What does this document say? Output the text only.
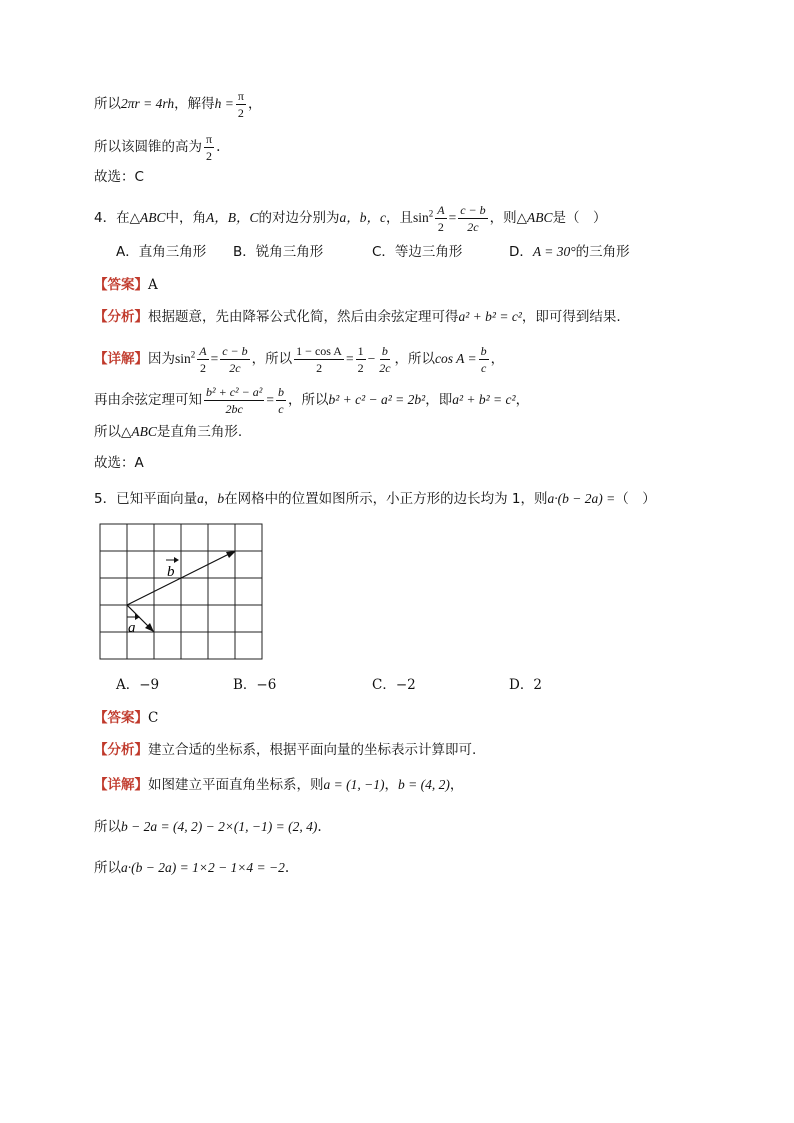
所以2πr = 4rh，解得$h = \frac{\pi}{2}$ ，
所以该圆锥的高为 $\frac{\pi}{2}$ .
故选：C
4．在△ABC中，角A，B，C的对边分别为a，b，c，且$\sin^2 \frac{A}{2} = \frac{c - b}{2c}$ ，则△ABC是（　）
A．直角三角形 B．锐角三角形	C．等边三角形	D．A = 30°的三角形
【答案】A
【分析】根据题意，先由降幂公式化简，然后由余弦定理可得a² + b² = c²，即可得到结果.
【详解】因为$\sin^2 \frac{A}{2} = \frac{c - b}{2c}$ ，所以 $\frac{\text{1 − cos A}}{2} = \frac{1}{2} - \frac{b}{2c}$ ，所以$\cos A = \frac{b}{c}$ ，
再由余弦定理可知 $\frac{\text{b² + c² − a²}}{2bc} = \frac{b}{c}$ ，所以b² + c² − a² = 2b²，即a² + b² = c²，
所以△ABC是直角三角形.
故选：A
5．已知平面向量a，b在网格中的位置如图所示，小正方形的边长均为 1，则a·(b − 2a) =（　）
b
a
A．−9	B．−6	C．−2	D．2
【答案】C
【分析】建立合适的坐标系，根据平面向量的坐标表示计算即可.
【详解】如图建立平面直角坐标系，则a = (1, −1)，b = (4, 2)，
所以b − 2a = (4, 2) − 2×(1, −1) = (2, 4).
所以a·(b − 2a) = 1×2 − 1×4 = −2.
